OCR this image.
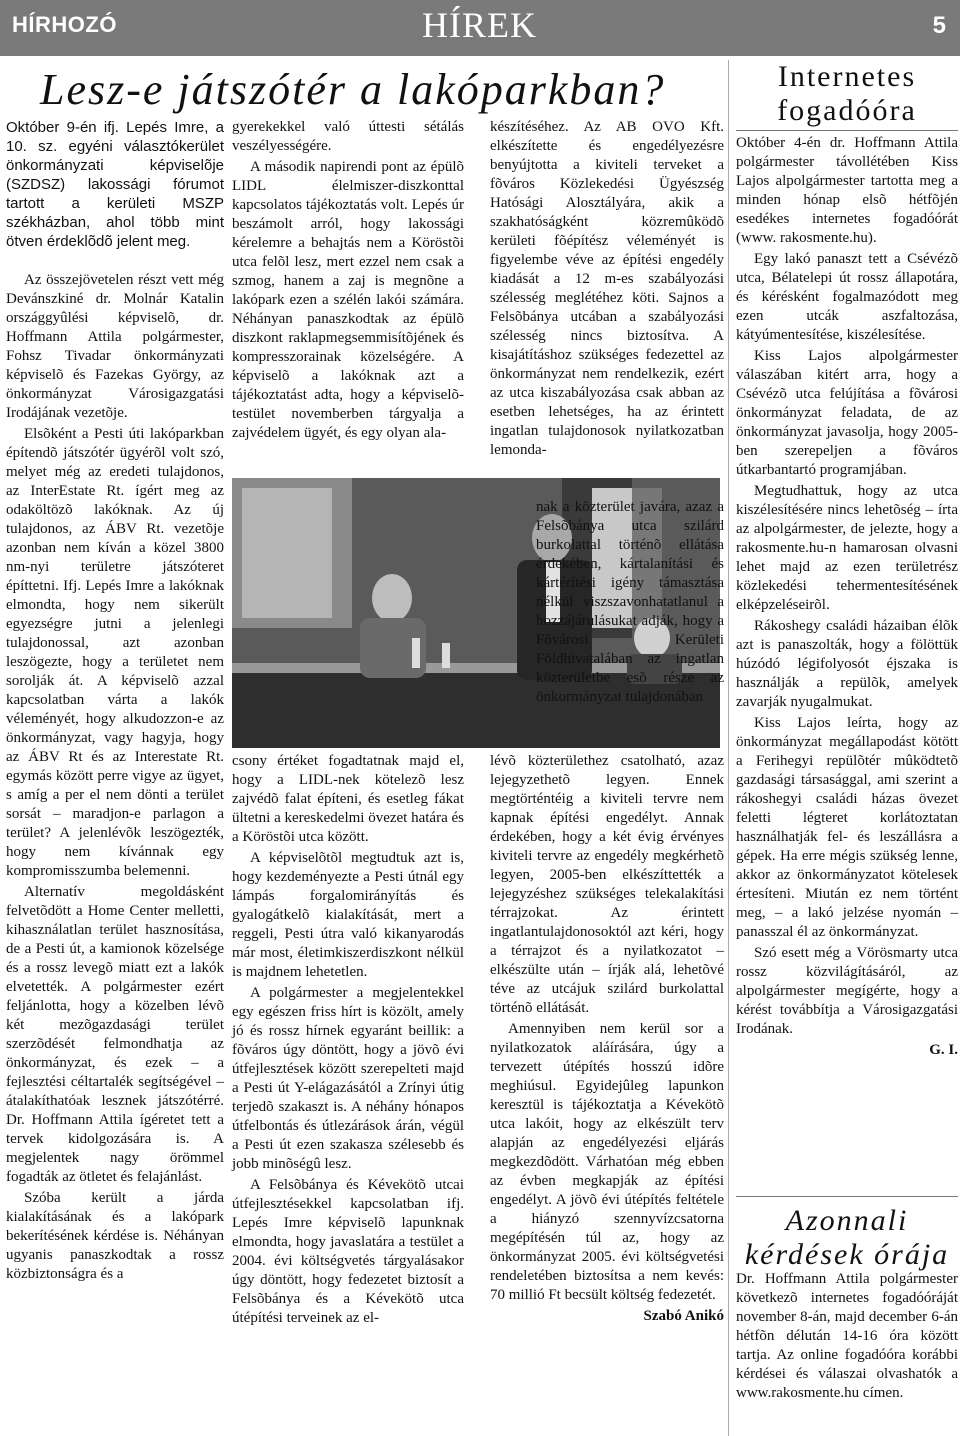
HÍRHOZÓ	HÍREK	5
Lesz-e játszótér a lakóparkban?

Október 9-én ifj. Lepés Imre, a 10. sz. egyéni választókerület önkormányzati képviselõje (SZDSZ) lakossági fórumot tartott a kerületi MSZP székházban, ahol több mint ötven érdeklõdõ jelent meg.

Az összejövetelen részt vett még Devánszkiné dr. Molnár Katalin országgyûlési képviselõ, dr. Hoffmann Attila polgármester, Fohsz Tivadar önkormányzati képviselõ és Fazekas György, az önkormányzat Városigazgatási Irodájának vezetõje.

Elsõként a Pesti úti lakóparkban építendõ játszótér ügyérõl volt szó, melyet még az eredeti tulajdonos, az InterEstate Rt. ígért meg az odaköltözõ lakóknak. Az új tulajdonos, az ÁBV Rt. vezetõje azonban nem kíván a közel 3800 nm-nyi területre játszóteret építtetni. Ifj. Lepés Imre a lakóknak elmondta, hogy nem sikerült egyezségre jutni a jelenlegi tulajdonossal, azt azonban leszögezte, hogy a területet nem sorolják át. A képviselõ azzal kapcsolatban várta a lakók véleményét, hogy alkudozzon-e az önkormányzat, vagy hagyja, hogy az ÁBV Rt és az Interestate Rt. egymás között perre vigye az ügyet, s amíg a per el nem dönti a terület sorsát – maradjon-e parlagon a terület? A jelenlévõk leszögezték, hogy nem kívánnak egy kompromisszumba belemenni.

Alternatív megoldásként felvetõdött a Home Center melletti, kihasználatlan terület hasznosítása, de a Pesti út, a kamionok közelsége és a rossz levegõ miatt ezt a lakók elvetették. A polgármester ezért feljánlotta, hogy a közelben lévõ két mezõgazdasági terület szerzõdését felmondhatja az önkormányzat, és ezek – a fejlesztési céltartalék segítségével – átalakíthatóak lesznek játszótérré. Dr. Hoffmann Attila ígéretet tett a tervek kidolgozására is. A megjelentek nagy örömmel fogadták az ötletet és felajánlást.

Szóba került a járda kialakításának és a lakópark bekerítésének kérdése is. Néhányan ugyanis panaszkodtak a rossz közbiztonságra és a

gyerekekkel való úttesti sétálás veszélyességére.

A második napirendi pont az épülõ LIDL élelmiszer-diszkonttal kapcsolatos tájékoztatás volt. Lepés úr beszámolt arról, hogy lakossági kérelemre a behajtás nem a Köröstõi utca felõl lesz, mert ezzel nem csak a szmog, hanem a zaj is megnõne a lakópark ezen a szélén lakói számára. Néhányan panaszkodtak az épülõ diszkont raklapmegsemmisítõjének és kompresszorainak közelségére. A képviselõ a lakóknak azt a tájékoztatást adta, hogy a képviselõ-testület novemberben tárgyalja a zajvédelem ügyét, és egy olyan ala-

csony értéket fogadtatnak majd el, hogy a LIDL-nek kötelezõ lesz zajvédõ falat építeni, és esetleg fákat ültetni a kereskedelmi övezet határa és a Köröstõi utca között.

A képviselõtõl megtudtuk azt is, hogy kezdeményezte a Pesti útnál egy lámpás forgalomirányítás és gyalogátkelõ kialakítását, mert a reggeli, Pesti útra való kikanyarodás már most, életimkiszerdiszkont nélkül is majdnem lehetetlen.

A polgármester a megjelentekkel egy egészen friss hírt is közölt, amely jó és rossz hírnek egyaránt beillik: a fõváros úgy döntött, hogy a jövõ évi útfejlesztések között szerepelteti majd a Pesti út Y-elágazásától a Zrínyi útig terjedõ szakaszt is. A néhány hónapos útfelbontás és útlezárások árán, végül a Pesti út ezen szakasza szélesebb és jobb minõségû lesz.

A Felsõbánya és Kévekötõ utcai útfejlesztésekkel kapcsolatban ifj. Lepés Imre képviselõ lapunknak elmondta, hogy javaslatára a testület a 2004. évi költségvetés tárgyalásakor úgy döntött, hogy fedezetet biztosít a Felsõbánya és a Kévekötõ utca útépítési terveinek az el-

készítéséhez. Az AB OVO Kft. elkészítette és engedélyezésre benyújtotta a kiviteli terveket a fõváros Közlekedési Ügyészség Hatósági Alosztályára, akik a szakhatóságként közremûködõ kerületi fõépítész véleményét is figyelembe véve az építési engedély kiadását a 12 m-es szabályozási szélesség meglétéhez köti. Sajnos a Felsõbánya utcában a szabályozási szélesség nincs biztosítva. A kisajátításhoz szükséges fedezettel az önkormányzat nem rendelkezik, ezért az utca kiszabályozása csak abban az esetben lehetséges, ha az érintett ingatlan tulajdonosok nyilatkozatban lemonda-

nak a közterület javára, azaz a Felsõbánya utca szilárd burkolattal történõ ellátása érdekében, kártalanítási és kártérítési igény támasztása nélkül viszszavonhatatlanul a hozzájárulásukat adják, hogy a Fõvárosi Kerületi Földhivatalában az ingatlan közterületbe esõ része az önkormányzat tulajdonában

lévõ közterülethez csatolható, azaz lejegyzethetõ legyen. Ennek megtörténtéig a kiviteli tervre nem kapnak építési engedélyt. Annak érdekében, hogy a két évig érvényes kiviteli tervre az engedély megkérhetõ legyen, 2005-ben elkészíttették a lejegyzéshez szükséges telekalakítási térrajzokat. Az érintett ingatlantulajdonosoktól azt kéri, hogy a térrajzot és a nyilatkozatot – elkészülte után – írják alá, lehetõvé téve az utcájuk szilárd burkolattal történõ ellátását.

Amennyiben nem kerül sor a nyilatkozatok aláírására, úgy a tervezett útépítés hosszú idõre meghiúsul. Egyidejûleg lapunkon keresztül is tájékoztatja a Kévekötõ utca lakóit, hogy az elkészült terv alapján az engedélyezési eljárás megkezdõdött. Várhatóan még ebben az évben megkapják az építési engedélyt. A jövõ évi útépítés feltétele a hiányzó szennyvízcsatorna megépítésén túl az, hogy az önkormányzat 2005. évi költségvetési rendeletében biztosítsa a nem kevés: 70 millió Ft becsült költség fedezetét.

Szabó Anikó

Internetes fogadóóra

Október 4-én dr. Hoffmann Attila polgármester távollétében Kiss Lajos alpolgármester tartotta meg a minden hónap elsõ hétfõjén esedékes internetes fogadóórát (www. rakosmente.hu).

Egy lakó panaszt tett a Csévézõ utca, Bélatelepi út rossz állapotára, és kérésként fogalmazódott meg ezen utcák aszfaltozása, kátyúmentesítése, kiszélesítése.

Kiss Lajos alpolgármester válaszában kitért arra, hogy a Csévézõ utca felújítása a fõvárosi önkormányzat feladata, de az önkormányzat javasolja, hogy 2005-ben szerepeljen a fõváros útkarbantartó programjában.

Megtudhattuk, hogy az utca kiszélesítésére nincs lehetõség – írta az alpolgármester, de jelezte, hogy a rakosmente.hu-n hamarosan olvasni lehet majd az ezen területrész közlekedési tehermentesítésének elképzeléseirõl.

Rákoshegy családi házaiban élõk azt is panaszolták, hogy a fölöttük húzódó légifolyosót éjszaka is használják a repülõk, amelyek zavarják nyugalmukat.

Kiss Lajos leírta, hogy az önkormányzat megállapodást kötött a Ferihegyi repülõtér mûködtetõ gazdasági társasággal, ami szerint a rákoshegyi családi házas övezet feletti légteret korlátoztatan használhatják fel- és leszállásra a gépek. Ha erre mégis szükség lenne, akkor az önkormányzatot kötelesek értesíteni. Miután ez nem történt meg, – a lakó jelzése nyomán – panasszal él az önkormányzat.

Szó esett még a Vörösmarty utca rossz közvilágításáról, az alpolgármester megígérte, hogy a kérést továbbítja a Városigazgatási Irodának.

G. I.

Azonnali kérdések órája

Dr. Hoffmann Attila polgármester következõ internetes fogadóóráját november 8-án, majd december 6-án hétfõn délután 14-16 óra között tartja. Az online fogadóóra korábbi kérdései és válaszai olvashatók a www.rakosmente.hu címen.
